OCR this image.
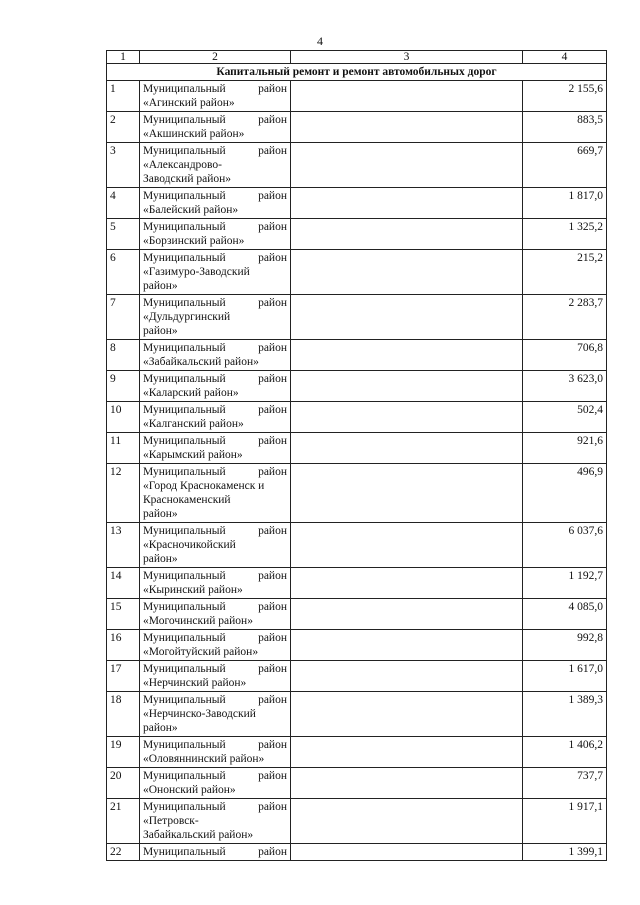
4
1	2	3	4
Капитальный ремонт и ремонт автомобильных дорог			
1	Муниципальный район
«Агинский район»		2 155,6
2	Муниципальный район
«Акшинский район»		883,5
3	Муниципальный район
«Александрово-
Заводский район»		669,7
4	Муниципальный район
«Балейский район»		1 817,0
5	Муниципальный район
«Борзинский район»		1 325,2
6	Муниципальный район
«Газимуро-Заводский
район»		215,2
7	Муниципальный район
«Дульдургинский
район»		2 283,7
8	Муниципальный район
«Забайкальский район»		706,8
9	Муниципальный район
«Каларский район»		3 623,0
10	Муниципальный район
«Калганский район»		502,4
11	Муниципальный район
«Карымский район»		921,6
12	Муниципальный район
«Город Краснокаменск и
Краснокаменский
район»		496,9
13	Муниципальный район
«Красночикойский
район»		6 037,6
14	Муниципальный район
«Кыринский район»		1 192,7
15	Муниципальный район
«Могочинский район»		4 085,0
16	Муниципальный район
«Могойтуйский район»		992,8
17	Муниципальный район
«Нерчинский район»		1 617,0
18	Муниципальный район
«Нерчинско-Заводский
район»		1 389,3
19	Муниципальный район
«Оловяннинский район»		1 406,2
20	Муниципальный район
«Ононский район»		737,7
21	Муниципальный район
«Петровск-
Забайкальский район»		1 917,1
22	Муниципальный район		1 399,1
